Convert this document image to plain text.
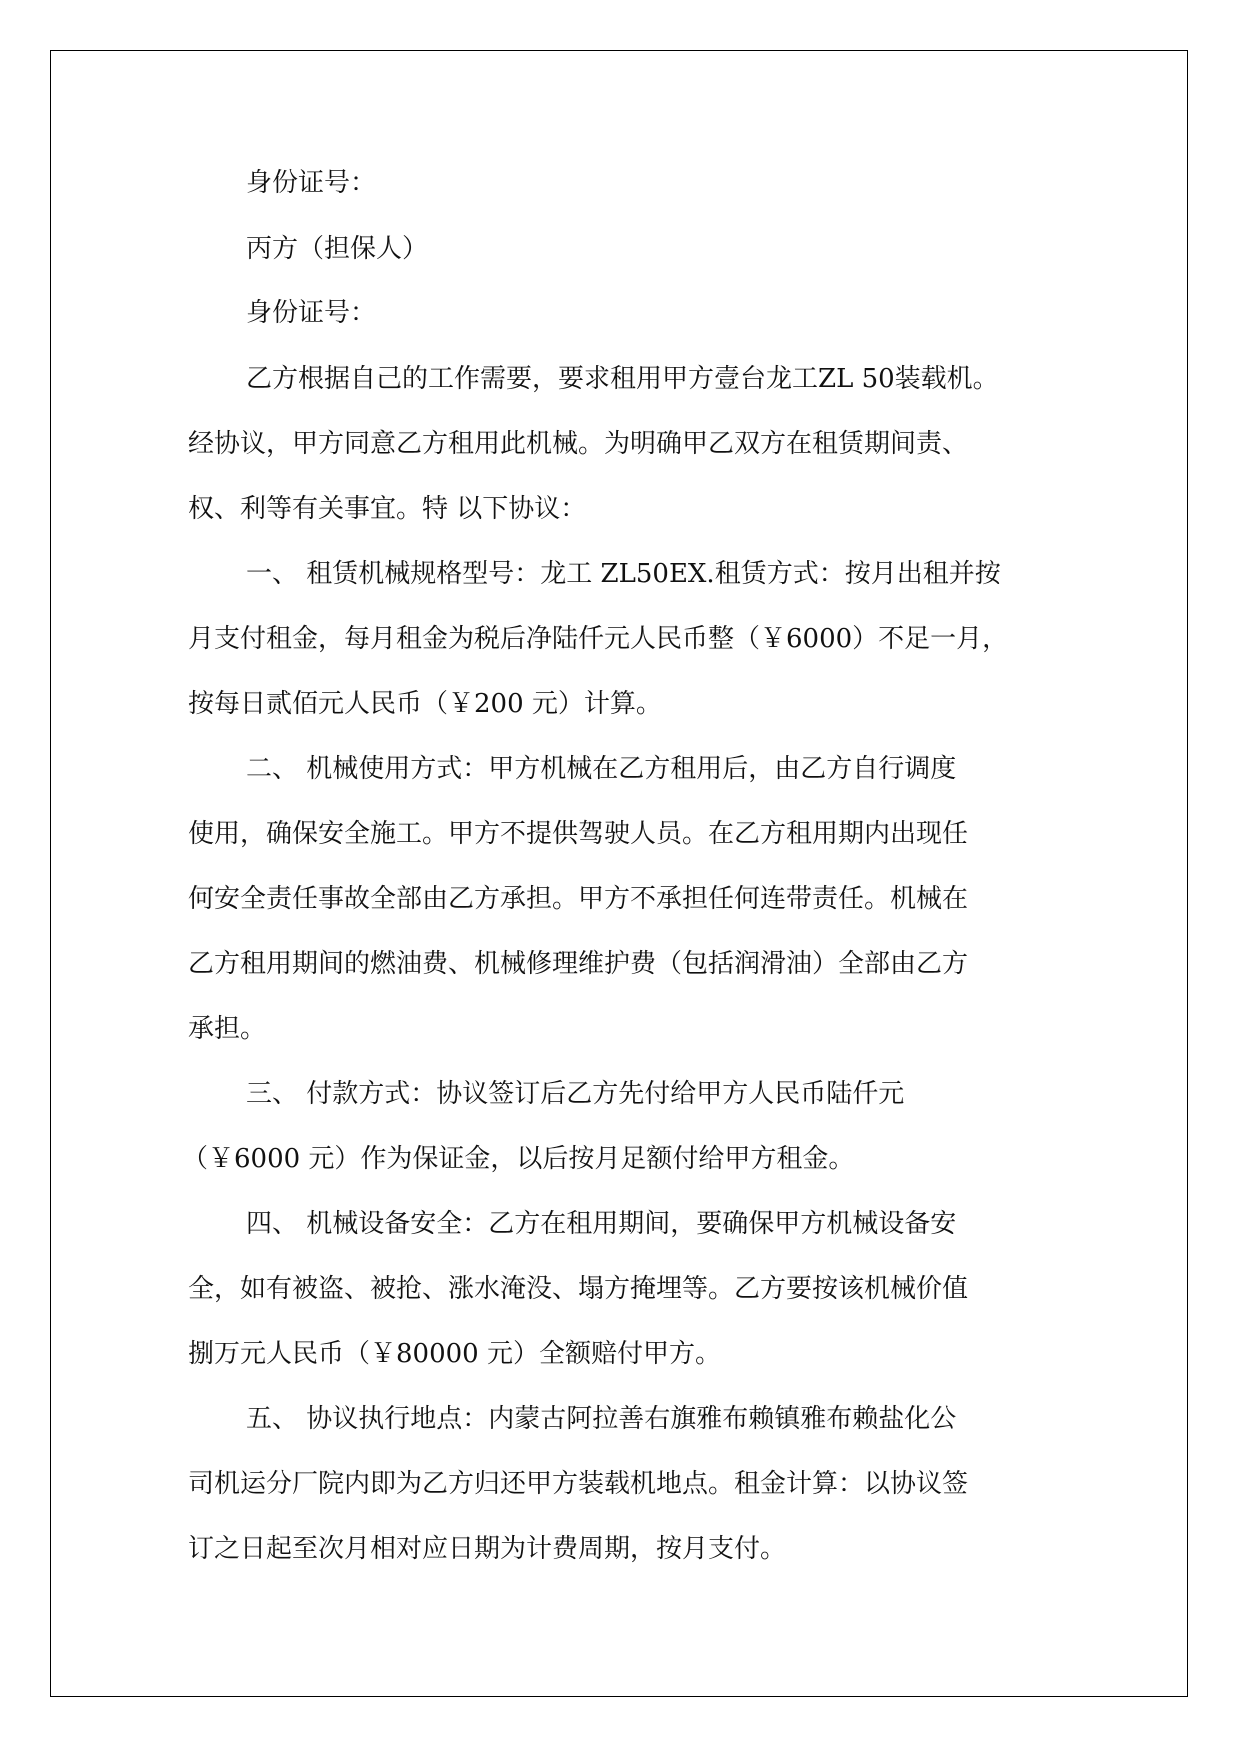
身份证号：

丙方（担保人）

身份证号：

乙方根据自己的工作需要，要求租用甲方壹台龙工ZL 50装载机。

经协议，甲方同意乙方租用此机械。为明确甲乙双方在租赁期间责、

权、利等有关事宜。特 以下协议：

一、 租赁机械规格型号：龙工 ZL50EX.租赁方式：按月出租并按

月支付租金，每月租金为税后净陆仟元人民币整（￥6000）不足一月，

按每日贰佰元人民币（￥200 元）计算。

二、 机械使用方式：甲方机械在乙方租用后，由乙方自行调度

使用，确保安全施工。甲方不提供驾驶人员。在乙方租用期内出现任

何安全责任事故全部由乙方承担。甲方不承担任何连带责任。机械在

乙方租用期间的燃油费、机械修理维护费（包括润滑油）全部由乙方

承担。

三、 付款方式：协议签订后乙方先付给甲方人民币陆仟元

（￥6000 元）作为保证金，以后按月足额付给甲方租金。

四、 机械设备安全：乙方在租用期间，要确保甲方机械设备安

全，如有被盗、被抢、涨水淹没、塌方掩埋等。乙方要按该机械价值

捌万元人民币（￥80000 元）全额赔付甲方。

五、 协议执行地点：内蒙古阿拉善右旗雅布赖镇雅布赖盐化公

司机运分厂院内即为乙方归还甲方装载机地点。租金计算：以协议签

订之日起至次月相对应日期为计费周期，按月支付。
